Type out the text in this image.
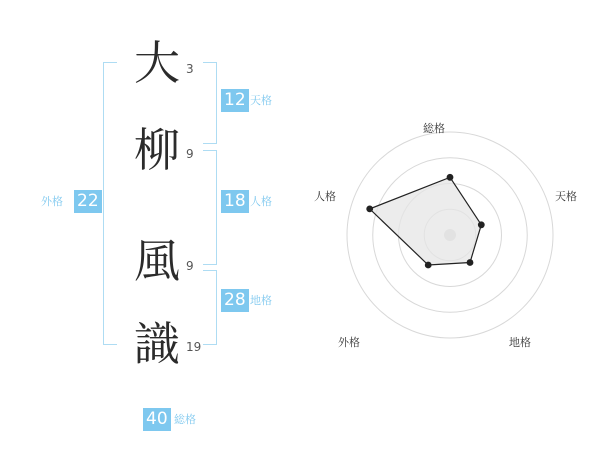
大 3
柳 9
風 9
識 19
12 天格
18 人格
28 地格
外格 22
40 総格
総格
天格
地格
外格
人格
